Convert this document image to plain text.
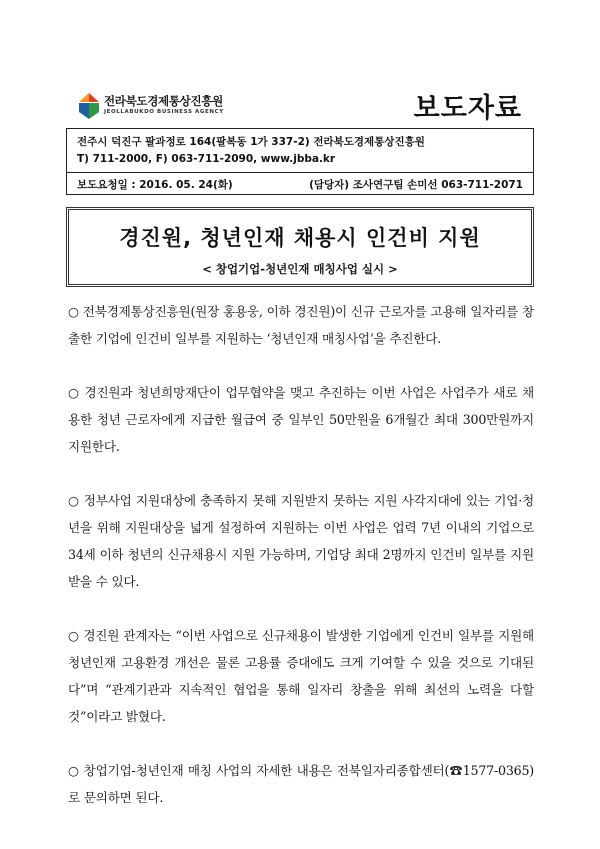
전라북도경제통상진흥원
JEOLLABUKDO BUSINESS AGENCY	보도자료
전주시 덕진구 팔과정로 164(팔복동 1가 337-2) 전라북도경제통상진흥원
T) 711-2000, F) 063-711-2090, www.jbba.kr
보도요청일 : 2016. 05. 24(화)	(담당자) 조사연구팀 손미선 063-711-2071
경진원, 청년인재 채용시 인건비 지원
< 창업기업-청년인재 매칭사업 실시 >

○ 전북경제통상진흥원(원장 홍용웅, 이하 경진원)이 신규 근로자를 고용해 일자리를 창출한 기업에 인건비 일부를 지원하는 ‘청년인재 매칭사업’을 추진한다.

○ 경진원과 청년희망재단이 업무협약을 맺고 추진하는 이번 사업은 사업주가 새로 채용한 청년 근로자에게 지급한 월급여 중 일부인 50만원을 6개월간 최대 300만원까지 지원한다.

○ 정부사업 지원대상에 충족하지 못해 지원받지 못하는 지원 사각지대에 있는 기업·청년을 위해 지원대상을 넓게 설정하여 지원하는 이번 사업은 업력 7년 이내의 기업으로 34세 이하 청년의 신규채용시 지원 가능하며, 기업당 최대 2명까지 인건비 일부를 지원받을 수 있다.

○ 경진원 관계자는 “이번 사업으로 신규채용이 발생한 기업에게 인건비 일부를 지원해 청년인재 고용환경 개선은 물론 고용률 증대에도 크게 기여할 수 있을 것으로 기대된다”며 “관계기관과 지속적인 협업을 통해 일자리 창출을 위해 최선의 노력을 다할 것”이라고 밝혔다.

○ 창업기업-청년인재 매칭 사업의 자세한 내용은 전북일자리종합센터(☎1577-0365)로 문의하면 된다.
